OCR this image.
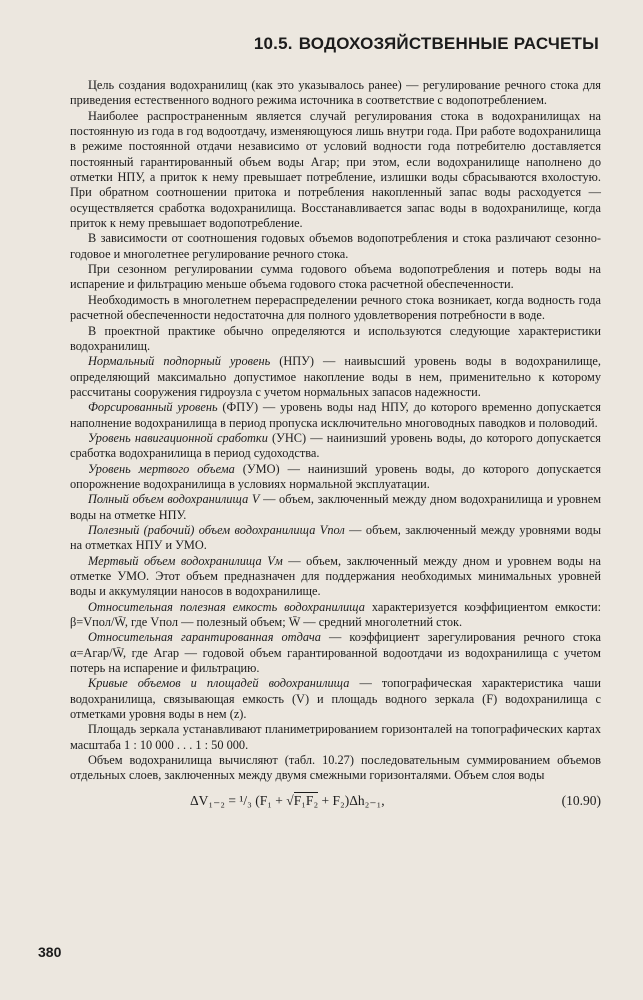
10.5. ВОДОХОЗЯЙСТВЕННЫЕ РАСЧЕТЫ

Цель создания водохранилищ (как это указывалось ранее) — регулирование речного стока для приведения естественного водного режима источника в соответствие с водопотреблением.

Наиболее распространенным является случай регулирования стока в водохранилищах на постоянную из года в год водоотдачу, изменяющуюся лишь внутри года. При работе водохранилища в режиме постоянной отдачи независимо от условий водности года потребителю доставляется постоянный гарантированный объем воды Aгар; при этом, если водохранилище наполнено до отметки НПУ, а приток к нему превышает потребление, излишки воды сбрасываются вхолостую. При обратном соотношении притока и потребления накопленный запас воды расходуется — осуществляется сработка водохранилища. Восстанавливается запас воды в водохранилище, когда приток к нему превышает водопотребление.

В зависимости от соотношения годовых объемов водопотребления и стока различают сезонно-годовое и многолетнее регулирование речного стока.

При сезонном регулировании сумма годового объема водопотребления и потерь воды на испарение и фильтрацию меньше объема годового стока расчетной обеспеченности.

Необходимость в многолетнем перераспределении речного стока возникает, когда водность года расчетной обеспеченности недостаточна для полного удовлетворения потребности в воде.

В проектной практике обычно определяются и используются следующие характеристики водохранилищ.

Нормальный подпорный уровень (НПУ) — наивысший уровень воды в водохранилище, определяющий максимально допустимое накопление воды в нем, применительно к которому рассчитаны сооружения гидроузла с учетом нормальных запасов надежности.

Форсированный уровень (ФПУ) — уровень воды над НПУ, до которого временно допускается наполнение водохранилища в период пропуска исключительно многоводных паводков и половодий.

Уровень навигационной сработки (УНС) — наинизший уровень воды, до которого допускается сработка водохранилища в период судоходства.

Уровень мертвого объема (УМО) — наинизший уровень воды, до которого допускается опорожнение водохранилища в условиях нормальной эксплуатации.

Полный объем водохранилища V — объем, заключенный между дном водохранилища и уровнем воды на отметке НПУ.

Полезный (рабочий) объем водохранилища Vпол — объем, заключенный между уровнями воды на отметках НПУ и УМО.

Мертвый объем водохранилища Vм — объем, заключенный между дном и уровнем воды на отметке УМО. Этот объем предназначен для поддержания необходимых минимальных уровней воды и аккумуляции наносов в водохранилище.

Относительная полезная емкость водохранилища характеризуется коэффициентом емкости: β=Vпол/W̄, где Vпол — полезный объем; W̄ — средний многолетний сток.

Относительная гарантированная отдача — коэффициент зарегулирования речного стока α=Aгар/W̄, где Aгар — годовой объем гарантированной водоотдачи из водохранилища с учетом потерь на испарение и фильтрацию.

Кривые объемов и площадей водохранилища — топографическая характеристика чаши водохранилища, связывающая емкость (V) и площадь водного зеркала (F) водохранилища с отметками уровня воды в нем (z).

Площадь зеркала устанавливают планиметрированием горизонталей на топографических картах масштаба 1 : 10 000 . . . 1 : 50 000.

Объем водохранилища вычисляют (табл. 10.27) последовательным суммированием объемов отдельных слоев, заключенных между двумя смежными горизонталями. Объем слоя воды

ΔV₁₋₂ = ¹/₃ (F₁ + √F₁F₂ + F₂)Δh₂₋₁,	(10.90)
380
